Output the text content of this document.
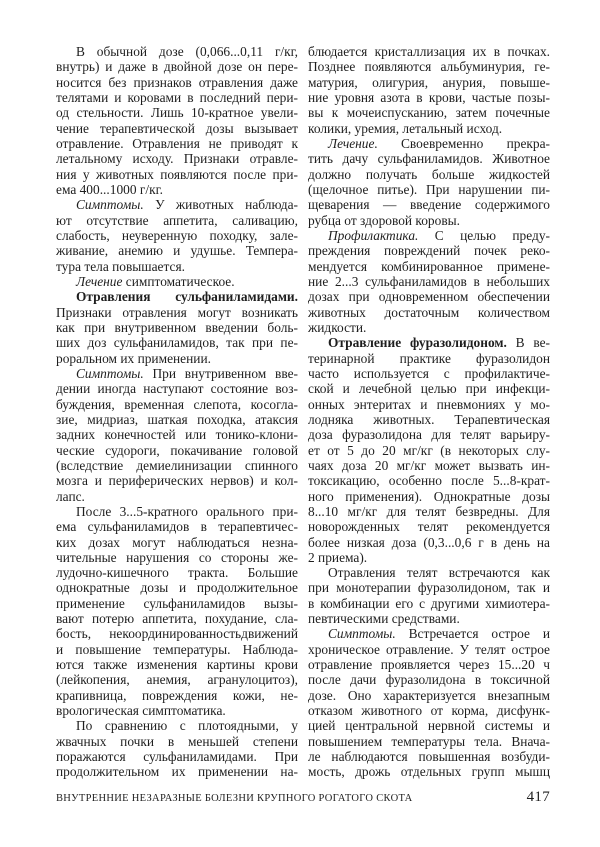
В обычной дозе (0,066...0,11 г/кг,
внутрь) и даже в двойной дозе он пере-
носится без признаков отравления даже
телятами и коровами в последний пери-
од стельности. Лишь 10-кратное увели-
чение терапевтической дозы вызывает
отравление. Отравления не приводят к
летальному исходу. Признаки отравле-
ния у животных появляются после при-
ема 400...1000 г/кг.
Симптомы. У животных наблюда-
ют отсутствие аппетита, саливацию,
слабость, неуверенную походку, зале-
живание, анемию и удушье. Темпера-
тура тела повышается.
Лечение симптоматическое.
Отравления сульфаниламидами.
Признаки отравления могут возникать
как при внутривенном введении боль-
ших доз сульфаниламидов, так при пе-
роральном их применении.
Симптомы. При внутривенном вве-
дении иногда наступают состояние воз-
буждения, временная слепота, косогла-
зие, мидриаз, шаткая походка, атаксия
задних конечностей или тонико-клони-
ческие судороги, покачивание головой
(вследствие демиелинизации спинного
мозга и периферических нервов) и кол-
лапс.
После 3...5-кратного орального при-
ема сульфаниламидов в терапевтичес-
ких дозах могут наблюдаться незна-
чительные нарушения со стороны же-
лудочно-кишечного тракта. Большие
однократные дозы и продолжительное
применение сульфаниламидов вызы-
вают потерю аппетита, похудание, сла-
бость, некоординированностьдвижений
и повышение температуры. Наблюда-
ются также изменения картины крови
(лейкопения, анемия, агранулоцитоз),
крапивница, повреждения кожи, не-
врологическая симптоматика.
По сравнению с плотоядными, у
жвачных почки в меньшей степени
поражаются сульфаниламидами. При
продолжительном их применении на-
блюдается кристаллизация их в почках.
Позднее появляются альбуминурия, ге-
матурия, олигурия, анурия, повыше-
ние уровня азота в крови, частые позы-
вы к мочеиспусканию, затем почечные
колики, уремия, летальный исход.
Лечение. Своевременно прекра-
тить дачу сульфаниламидов. Животное
должно получать больше жидкостей
(щелочное питье). При нарушении пи-
щеварения — введение содержимого
рубца от здоровой коровы.
Профилактика. С целью преду-
преждения повреждений почек реко-
мендуется комбинированное примене-
ние 2...3 сульфаниламидов в небольших
дозах при одновременном обеспечении
животных достаточным количеством
жидкости.
Отравление фуразолидоном. В ве-
теринарной практике фуразолидон
часто используется с профилактиче-
ской и лечебной целью при инфекци-
онных энтеритах и пневмониях у мо-
лодняка животных. Терапевтическая
доза фуразолидона для телят варьиру-
ет от 5 до 20 мг/кг (в некоторых слу-
чаях доза 20 мг/кг может вызвать ин-
токсикацию, особенно после 5...8-крат-
ного применения). Однократные дозы
8...10 мг/кг для телят безвредны. Для
новорожденных телят рекомендуется
более низкая доза (0,3...0,6 г в день на
2 приема).
Отравления телят встречаются как
при монотерапии фуразолидоном, так и
в комбинации его с другими химиотера-
певтическими средствами.
Симптомы. Встречается острое и
хроническое отравление. У телят острое
отравление проявляется через 15...20 ч
после дачи фуразолидона в токсичной
дозе. Оно характеризуется внезапным
отказом животного от корма, дисфунк-
цией центральной нервной системы и
повышением температуры тела. Внача-
ле наблюдаются повышенная возбуди-
мость, дрожь отдельных групп мышц
ВНУТРЕННИЕ НЕЗАРАЗНЫЕ БОЛЕЗНИ КРУПНОГО РОГАТОГО СКОТА	417
